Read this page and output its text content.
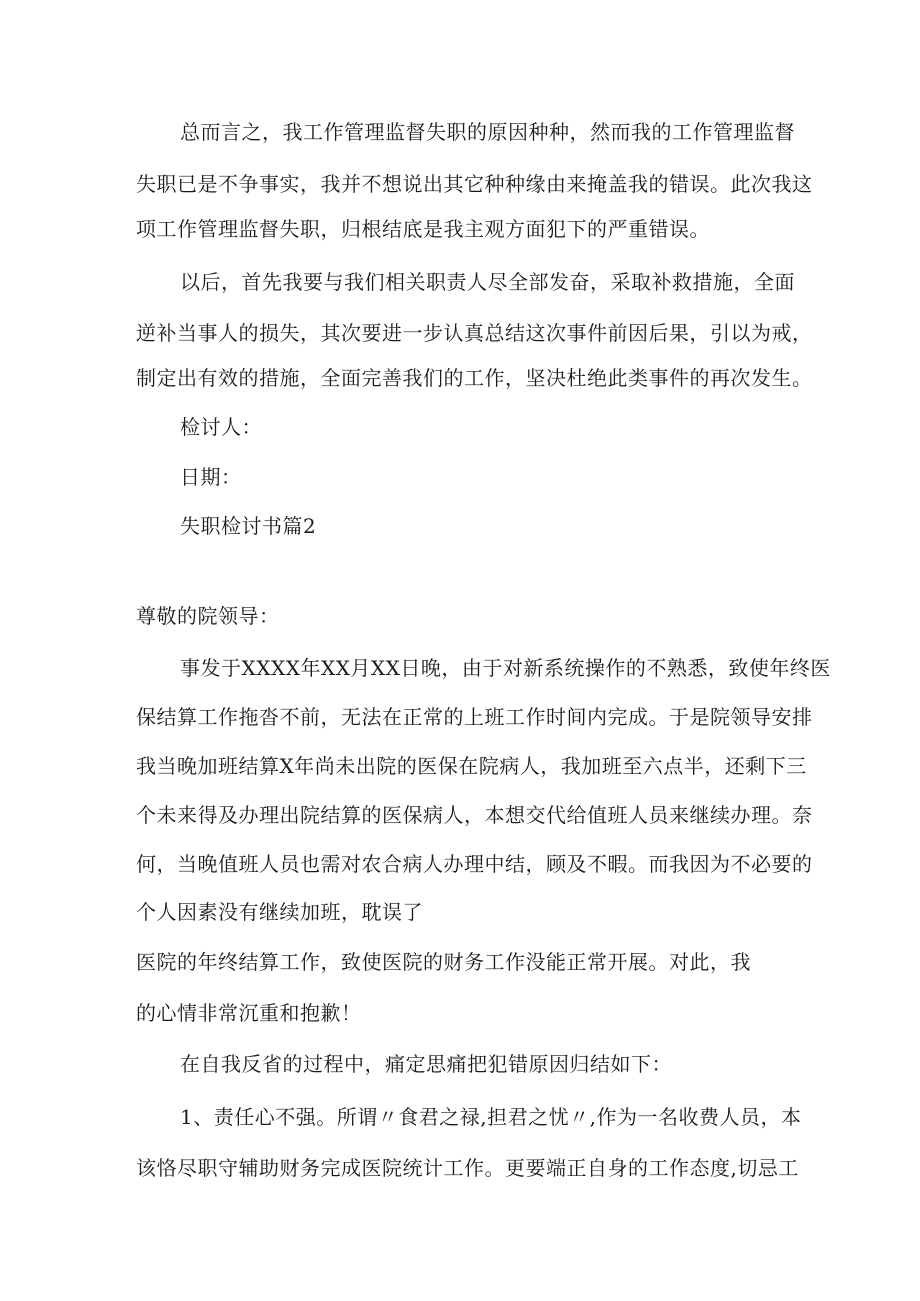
总而言之，我工作管理监督失职的原因种种，然而我的工作管理监督
失职已是不争事实，我并不想说出其它种种缘由来掩盖我的错误。此次我这
项工作管理监督失职，归根结底是我主观方面犯下的严重错误。
以后，首先我要与我们相关职责人尽全部发奋，采取补救措施，全面
逆补当事人的损失，其次要进一步认真总结这次事件前因后果，引以为戒，
制定出有效的措施，全面完善我们的工作，坚决杜绝此类事件的再次发生。
检讨人：
日期：
失职检讨书篇2
尊敬的院领导：
事发于XXXX年XX月XX日晚，由于对新系统操作的不熟悉，致使年终医
保结算工作拖沓不前，无法在正常的上班工作时间内完成。于是院领导安排
我当晚加班结算X年尚未出院的医保在院病人，我加班至六点半，还剩下三
个未来得及办理出院结算的医保病人，本想交代给值班人员来继续办理。奈
何，当晚值班人员也需对农合病人办理中结，顾及不暇。而我因为不必要的
个人因素没有继续加班，耽误了
医院的年终结算工作，致使医院的财务工作没能正常开展。对此，我
的心情非常沉重和抱歉！
在自我反省的过程中，痛定思痛把犯错原因归结如下：
1、责任心不强。所谓〃食君之禄,担君之忧〃,作为一名收费人员，本
该恪尽职守辅助财务完成医院统计工作。更要端正自身的工作态度,切忌工
